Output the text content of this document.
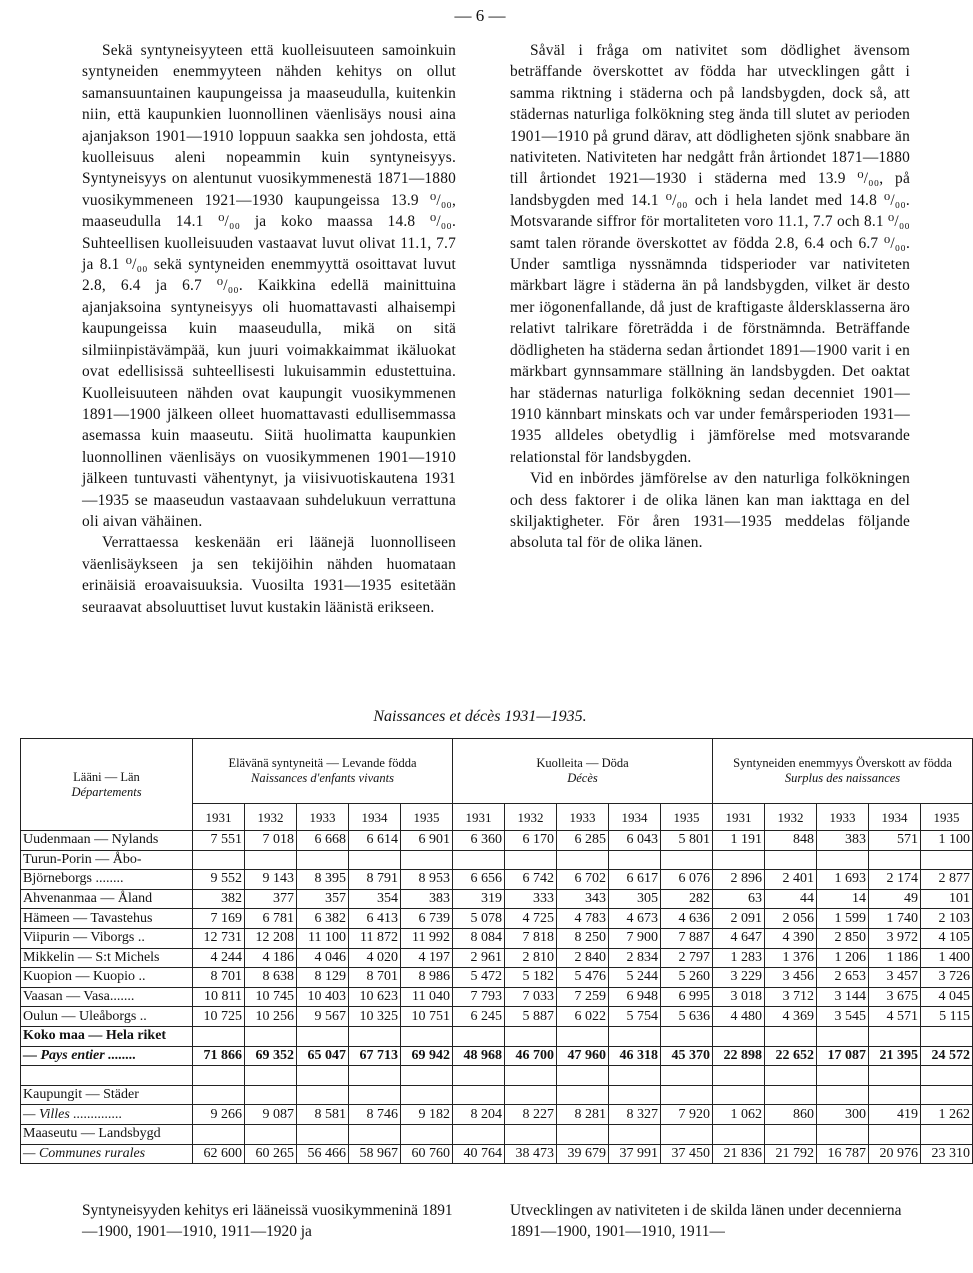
— 6 —

Sekä syntyneisyyteen että kuolleisuuteen samoinkuin syntyneiden enemmyyteen nähden kehitys on ollut samansuuntainen kaupungeissa ja maaseudulla, kuitenkin niin, että kaupunkien luonnollinen väenlisäys nousi aina ajanjakson 1901—1910 loppuun saakka sen johdosta, että kuolleisuus aleni nopeammin kuin syntyneisyys. Syntyneisyys on alentunut vuosikymmenestä 1871—1880 vuosikymmeneen 1921—1930 kaupungeissa 13.9 ⁰/₀₀, maaseudulla 14.1 ⁰/₀₀ ja koko maassa 14.8 ⁰/₀₀. Suhteellisen kuolleisuuden vastaavat luvut olivat 11.1, 7.7 ja 8.1 ⁰/₀₀ sekä syntyneiden enemmyyttä osoittavat luvut 2.8, 6.4 ja 6.7 ⁰/₀₀. Kaikkina edellä mainittuina ajanjaksoina syntyneisyys oli huomattavasti alhaisempi kaupungeissa kuin maaseudulla, mikä on sitä silmiinpistävämpää, kun juuri voimakkaimmat ikäluokat ovat edellisissä suhteellisesti lukuisammin edustettuina. Kuolleisuuteen nähden ovat kaupungit vuosikymmenen 1891—1900 jälkeen olleet huomattavasti edullisemmassa asemassa kuin maaseutu. Siitä huolimatta kaupunkien luonnollinen väenlisäys on vuosikymmenen 1901—1910 jälkeen tuntuvasti vähentynyt, ja viisivuotiskautena 1931—1935 se maaseudun vastaavaan suhdelukuun verrattuna oli aivan vähäinen.

Verrattaessa keskenään eri läänejä luonnolliseen väenlisäykseen ja sen tekijöihin nähden huomataan erinäisiä eroavaisuuksia. Vuosilta 1931—1935 esitetään seuraavat absoluuttiset luvut kustakin läänistä erikseen.

Såväl i fråga om nativitet som dödlighet ävensom beträffande överskottet av födda har utvecklingen gått i samma riktning i städerna och på landsbygden, dock så, att städernas naturliga folkökning steg ända till slutet av perioden 1901—1910 på grund därav, att dödligheten sjönk snabbare än nativiteten. Nativiteten har nedgått från årtiondet 1871—1880 till årtiondet 1921—1930 i städerna med 13.9 ⁰/₀₀, på landsbygden med 14.1 ⁰/₀₀ och i hela landet med 14.8 ⁰/₀₀. Motsvarande siffror för mortaliteten voro 11.1, 7.7 och 8.1 ⁰/₀₀ samt talen rörande överskottet av födda 2.8, 6.4 och 6.7 ⁰/₀₀. Under samtliga nyssnämnda tidsperioder var nativiteten märkbart lägre i städerna än på landsbygden, vilket är desto mer iögonenfallande, då just de kraftigaste åldersklasserna äro relativt talrikare företrädda i de förstnämnda. Beträffande dödligheten ha städerna sedan årtiondet 1891—1900 varit i en märkbart gynnsammare ställning än landsbygden. Det oaktat har städernas naturliga folkökning sedan decenniet 1901—1910 kännbart minskats och var under femårsperioden 1931—1935 alldeles obetydlig i jämförelse med motsvarande relationstal för landsbygden.

Vid en inbördes jämförelse av den naturliga folkökningen och dess faktorer i de olika länen kan man iakttaga en del skiljaktigheter. För åren 1931—1935 meddelas följande absoluta tal för de olika länen.

Naissances et décès 1931—1935.
Lääni — Län
Départements	Elävänä syntyneitä — Levande födda
Naissances d'enfants vivants					Kuolleita — Döda
Décès					Syntyneiden enemmyys Överskott av födda
Surplus des naissances				

	1931	1932	1933	1934	1935	1931	1932	1933	1934	1935	1931	1932	1933	1934	1935
Uudenmaan — Nylands	7 551	7 018	6 668	6 614	6 901	6 360	6 170	6 285	6 043	5 801	1 191	848	383	571	1 100
Turun-Porin — Åbo-															
Björneborgs ........	9 552	9 143	8 395	8 791	8 953	6 656	6 742	6 702	6 617	6 076	2 896	2 401	1 693	2 174	2 877
Ahvenanmaa — Åland	382	377	357	354	383	319	333	343	305	282	63	44	14	49	101
Hämeen — Tavastehus	7 169	6 781	6 382	6 413	6 739	5 078	4 725	4 783	4 673	4 636	2 091	2 056	1 599	1 740	2 103
Viipurin — Viborgs ..	12 731	12 208	11 100	11 872	11 992	8 084	7 818	8 250	7 900	7 887	4 647	4 390	2 850	3 972	4 105
Mikkelin — S:t Michels	4 244	4 186	4 046	4 020	4 197	2 961	2 810	2 840	2 834	2 797	1 283	1 376	1 206	1 186	1 400
Kuopion — Kuopio ..	8 701	8 638	8 129	8 701	8 986	5 472	5 182	5 476	5 244	5 260	3 229	3 456	2 653	3 457	3 726
Vaasan — Vasa.......	10 811	10 745	10 403	10 623	11 040	7 793	7 033	7 259	6 948	6 995	3 018	3 712	3 144	3 675	4 045
Oulun — Uleåborgs ..	10 725	10 256	9 567	10 325	10 751	6 245	5 887	6 022	5 754	5 636	4 480	4 369	3 545	4 571	5 115
Koko maa — Hela riket															
— Pays entier ........	71 866	69 352	65 047	67 713	69 942	48 968	46 700	47 960	46 318	45 370	22 898	22 652	17 087	21 395	24 572

Kaupungit — Städer															
— Villes ..............	9 266	9 087	8 581	8 746	9 182	8 204	8 227	8 281	8 327	7 920	1 062	860	300	419	1 262
Maaseutu — Landsbygd															
— Communes rurales	62 600	60 265	56 466	58 967	60 760	40 764	38 473	39 679	37 991	37 450	21 836	21 792	16 787	20 976	23 310
Syntyneisyyden kehitys eri lääneissä vuosikymmeninä 1891—1900, 1901—1910, 1911—1920 ja
Utvecklingen av nativiteten i de skilda länen under decennierna 1891—1900, 1901—1910, 1911—
